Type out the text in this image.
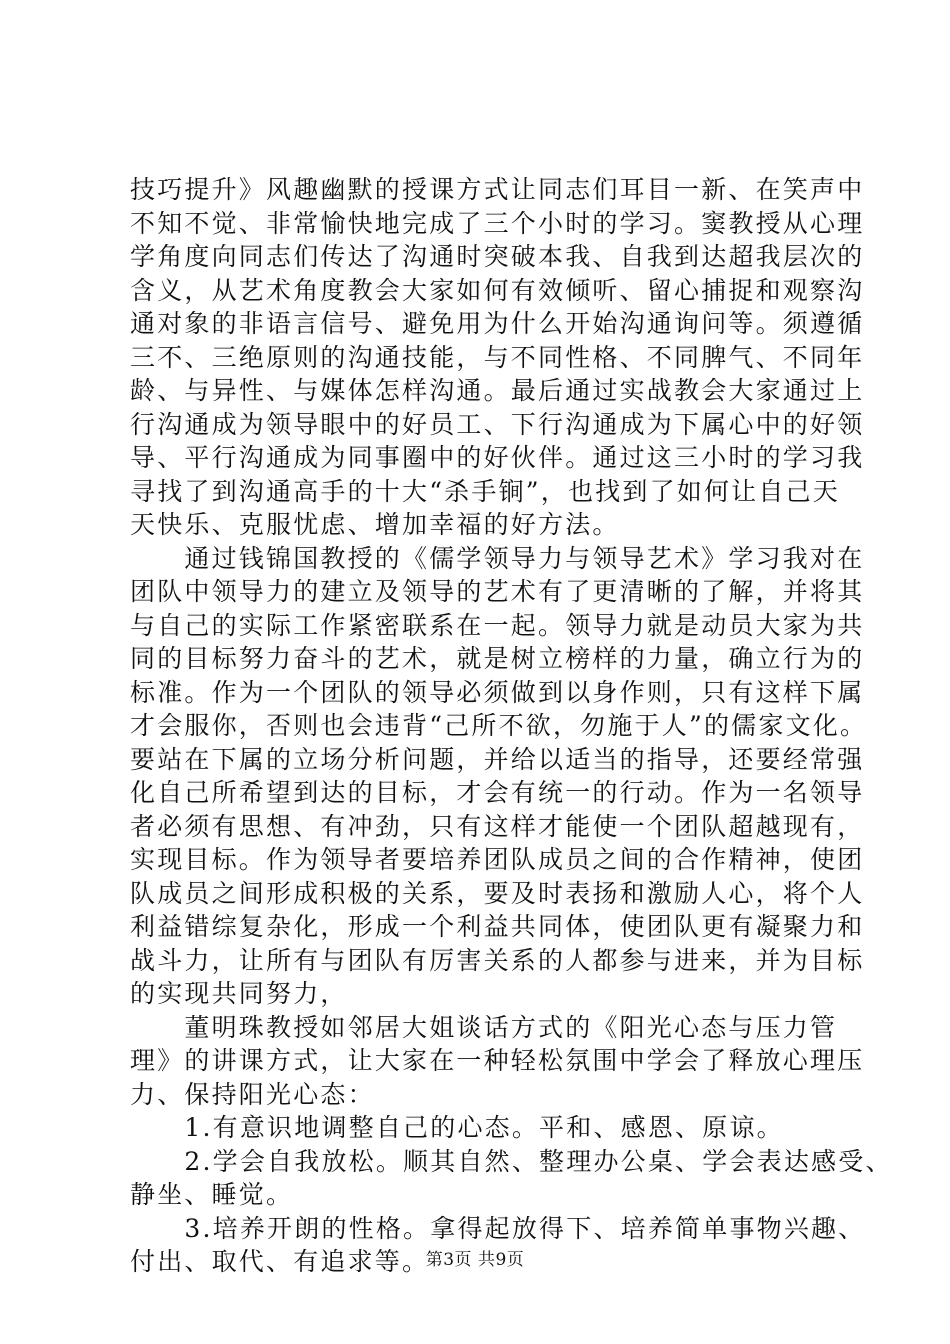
技巧提升》风趣幽默的授课方式让同志们耳目一新、在笑声中
不知不觉、非常愉快地完成了三个小时的学习。窦教授从心理
学角度向同志们传达了沟通时突破本我、自我到达超我层次的
含义，从艺术角度教会大家如何有效倾听、留心捕捉和观察沟
通对象的非语言信号、避免用为什么开始沟通询问等。须遵循
三不、三绝原则的沟通技能，与不同性格、不同脾气、不同年
龄、与异性、与媒体怎样沟通。最后通过实战教会大家通过上
行沟通成为领导眼中的好员工、下行沟通成为下属心中的好领
导、平行沟通成为同事圈中的好伙伴。通过这三小时的学习我
寻找了到沟通高手的十大“杀手锏”，也找到了如何让自己天
天快乐、克服忧虑、增加幸福的好方法。
　　通过钱锦国教授的《儒学领导力与领导艺术》学习我对在
团队中领导力的建立及领导的艺术有了更清晰的了解，并将其
与自己的实际工作紧密联系在一起。领导力就是动员大家为共
同的目标努力奋斗的艺术，就是树立榜样的力量，确立行为的
标准。作为一个团队的领导必须做到以身作则，只有这样下属
才会服你，否则也会违背“己所不欲，勿施于人”的儒家文化。
要站在下属的立场分析问题，并给以适当的指导，还要经常强
化自己所希望到达的目标，才会有统一的行动。作为一名领导
者必须有思想、有冲劲，只有这样才能使一个团队超越现有，
实现目标。作为领导者要培养团队成员之间的合作精神，使团
队成员之间形成积极的关系，要及时表扬和激励人心，将个人
利益错综复杂化，形成一个利益共同体，使团队更有凝聚力和
战斗力，让所有与团队有厉害关系的人都参与进来，并为目标
的实现共同努力，
　　董明珠教授如邻居大姐谈话方式的《阳光心态与压力管
理》的讲课方式，让大家在一种轻松氛围中学会了释放心理压
力、保持阳光心态：
　　1.有意识地调整自己的心态。平和、感恩、原谅。
　　2.学会自我放松。顺其自然、整理办公桌、学会表达感受、
静坐、睡觉。
　　3.培养开朗的性格。拿得起放得下、培养简单事物兴趣、
付出、取代、有追求等。
第3页 共9页
